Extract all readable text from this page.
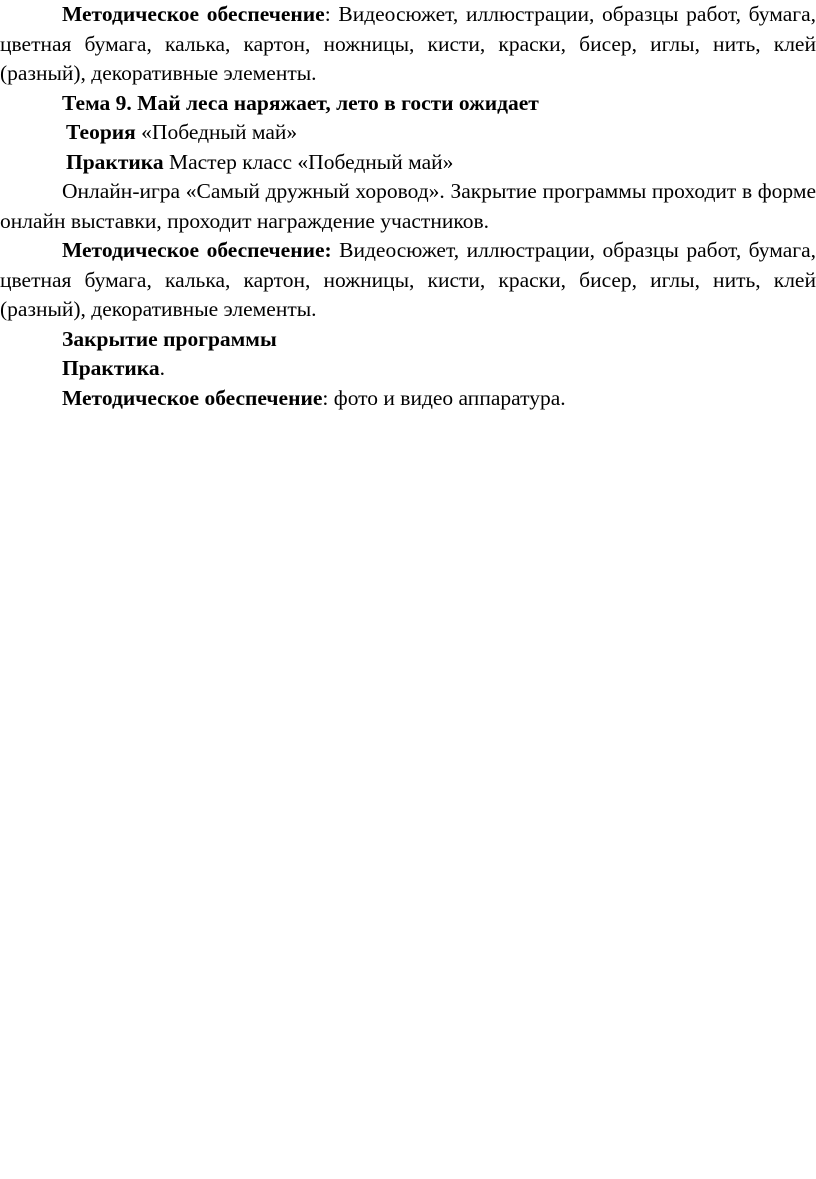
Методическое обеспечение: Видеосюжет, иллюстрации, образцы работ, бумага, цветная бумага, калька, картон, ножницы, кисти, краски, бисер, иглы, нить, клей (разный), декоративные элементы.

Тема 9. Май леса наряжает, лето в гости ожидает

Теория «Победный май»

Практика Мастер класс «Победный май»

Онлайн-игра «Самый дружный хоровод». Закрытие программы проходит в форме онлайн выставки, проходит награждение участников.

Методическое обеспечение: Видеосюжет, иллюстрации, образцы работ, бумага, цветная бумага, калька, картон, ножницы, кисти, краски, бисер, иглы, нить, клей (разный), декоративные элементы.

Закрытие программы

Практика.

Методическое обеспечение: фото и видео аппаратура.
